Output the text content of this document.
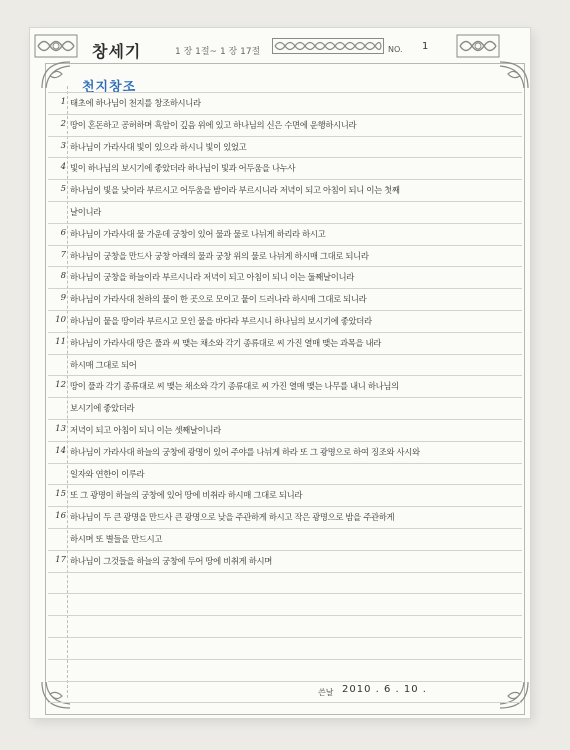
창세기	1 장 1절~ 1 장 17절	NO. 1
천지창조
1 태초에 하나님이 천지를 창조하시니라
2 땅이 혼돈하고 공허하며 흑암이 깊음 위에 있고 하나님의 신은 수면에 운행하시니라
3 하나님이 가라사대 빛이 있으라 하시니 빛이 있었고
4 빛이 하나님의 보시기에 좋았더라 하나님이 빛과 어두움을 나누사
5 하나님이 빛을 낮이라 부르시고 어두움을 밤이라 부르시니라 저녁이 되고 아침이 되니 이는 첫째
날이니라
6 하나님이 가라사대 물 가운데 궁창이 있어 물과 물로 나뉘게 하리라 하시고
7 하나님이 궁창을 만드사 궁창 아래의 물과 궁창 위의 물로 나뉘게 하시매 그대로 되니라
8 하나님이 궁창을 하늘이라 부르시니라 저녁이 되고 아침이 되니 이는 둘째날이니라
9 하나님이 가라사대 천하의 물이 한 곳으로 모이고 뭍이 드러나라 하시매 그대로 되니라
10 하나님이 뭍을 땅이라 부르시고 모인 물을 바다라 부르시니 하나님의 보시기에 좋았더라
11 하나님이 가라사대 땅은 풀과 씨 맺는 채소와 각기 종류대로 씨 가진 열매 맺는 과목을 내라
하시매 그대로 되어
12 땅이 풀과 각기 종류대로 씨 맺는 채소와 각기 종류대로 씨 가진 열매 맺는 나무를 내니 하나님의
보시기에 좋았더라
13 저녁이 되고 아침이 되니 이는 셋째날이니라
14 하나님이 가라사대 하늘의 궁창에 광명이 있어 주야를 나뉘게 하라 또 그 광명으로 하여 징조와 사시와
일자와 연한이 이루라
15 또 그 광명이 하늘의 궁창에 있어 땅에 비취라 하시매 그대로 되니라
16 하나님이 두 큰 광명을 만드사 큰 광명으로 낮을 주관하게 하시고 작은 광명으로 밤을 주관하게
하시며 또 별들을 만드시고
17 하나님이 그것들을 하늘의 궁창에 두어 땅에 비취게 하시며
쓴날 2010 . 6 . 10 .
